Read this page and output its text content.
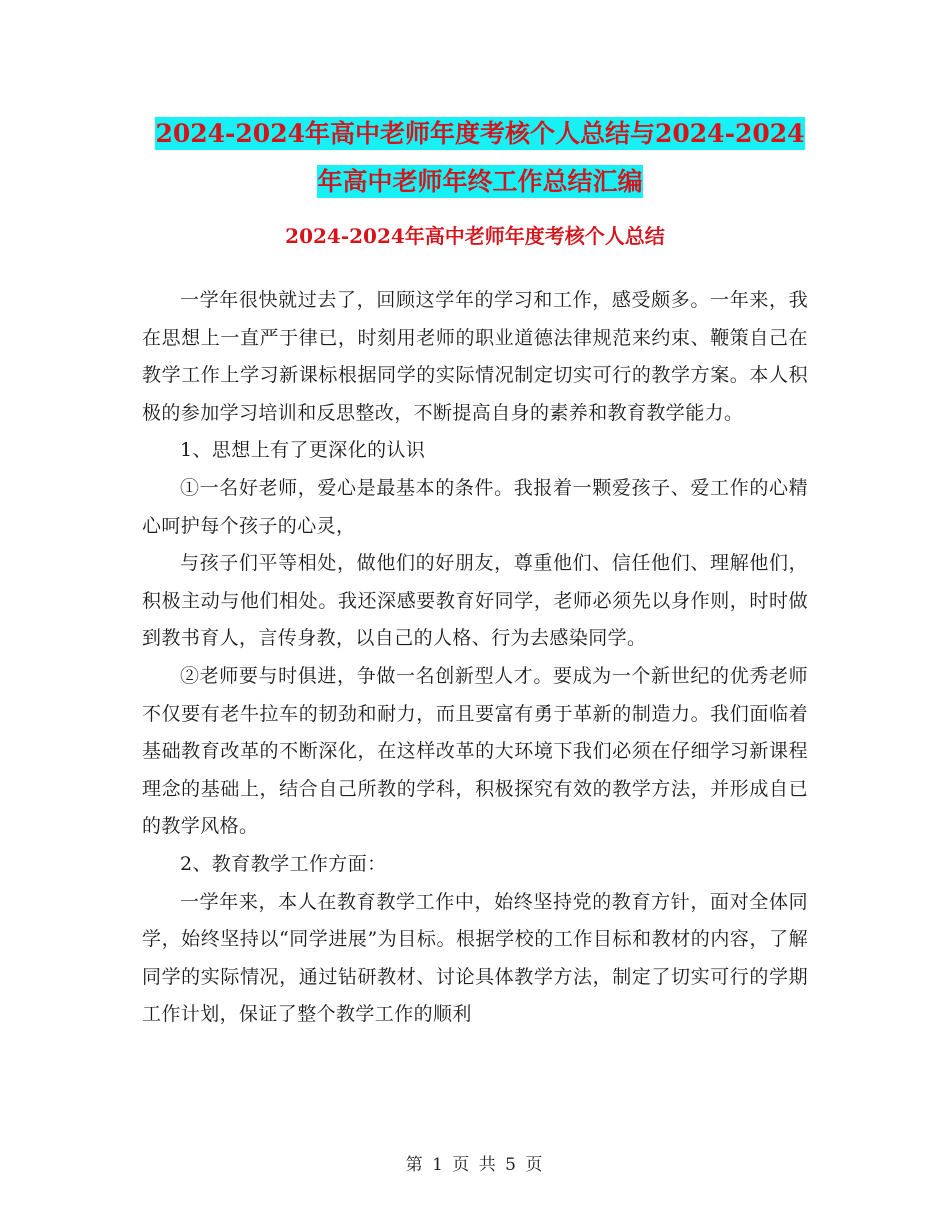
2024-2024年高中老师年度考核个人总结与2024-2024
年高中老师年终工作总结汇编
2024-2024年高中老师年度考核个人总结

一学年很快就过去了，回顾这学年的学习和工作，感受颇多。一年来，我在思想上一直严于律已，时刻用老师的职业道德法律规范来约束、鞭策自己在教学工作上学习新课标根据同学的实际情况制定切实可行的教学方案。本人积极的参加学习培训和反思整改，不断提高自身的素养和教育教学能力。

1、思想上有了更深化的认识

①一名好老师，爱心是最基本的条件。我报着一颗爱孩子、爱工作的心精心呵护每个孩子的心灵，

与孩子们平等相处，做他们的好朋友，尊重他们、信任他们、理解他们，积极主动与他们相处。我还深感要教育好同学，老师必须先以身作则，时时做到教书育人，言传身教，以自己的人格、行为去感染同学。

②老师要与时俱进，争做一名创新型人才。要成为一个新世纪的优秀老师不仅要有老牛拉车的韧劲和耐力，而且要富有勇于革新的制造力。我们面临着基础教育改革的不断深化，在这样改革的大环境下我们必须在仔细学习新课程理念的基础上，结合自己所教的学科，积极探究有效的教学方法，并形成自已的教学风格。

2、教育教学工作方面：

一学年来，本人在教育教学工作中，始终坚持党的教育方针，面对全体同学，始终坚持以“同学进展”为目标。根据学校的工作目标和教材的内容，了解同学的实际情况，通过钻研教材、讨论具体教学方法，制定了切实可行的学期工作计划，保证了整个教学工作的顺利

第 1 页 共 5 页
